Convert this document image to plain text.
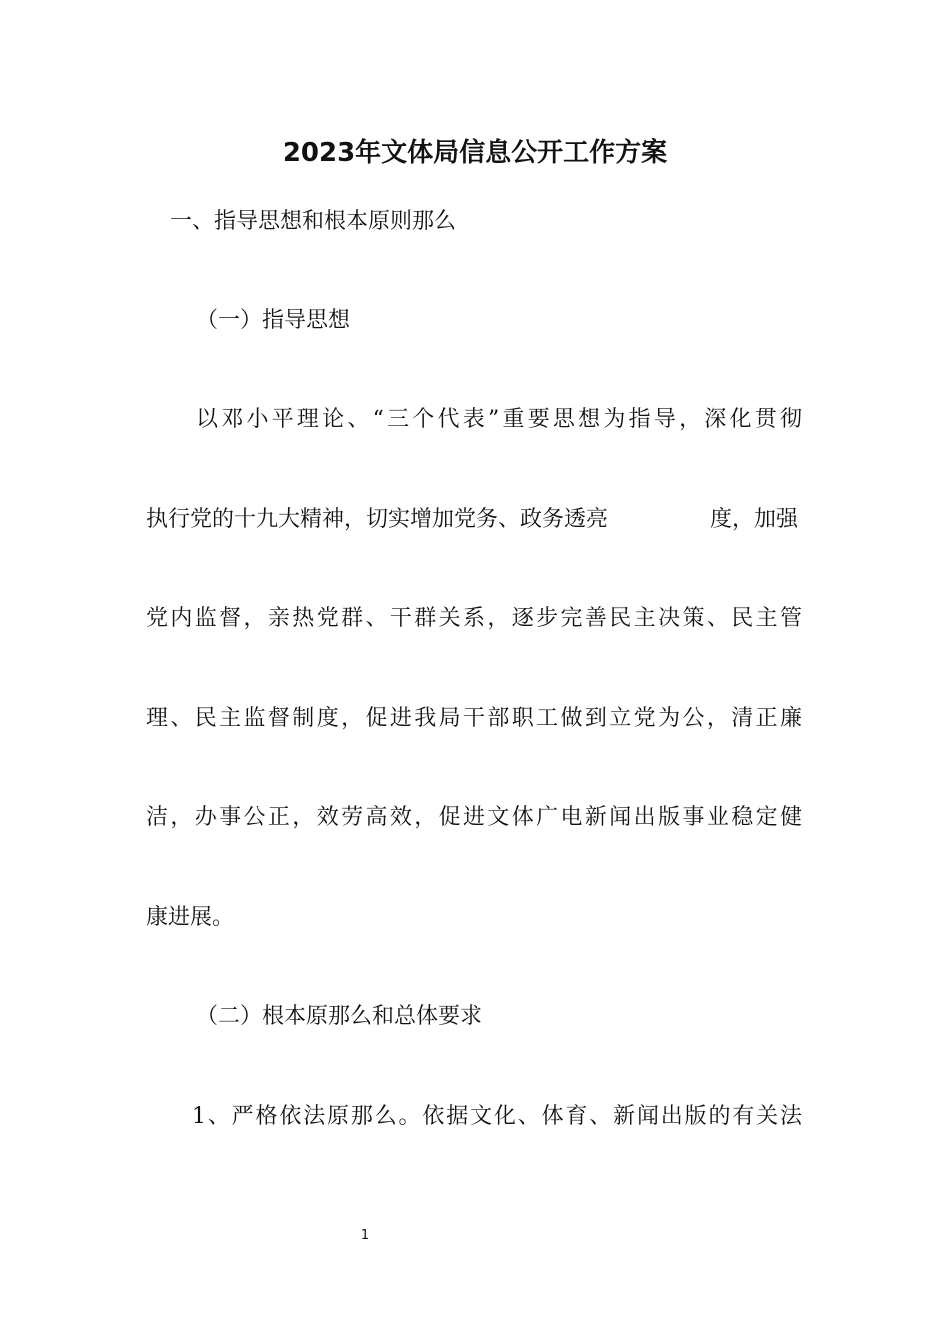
2023年文体局信息公开工作方案
一、指导思想和根本原则那么
（一）指导思想
以邓小平理论、“三个代表”重要思想为指导，深化贯彻
执行党的十九大精神，切实增加党务、政务透亮	度，加强
党内监督，亲热党群、干群关系，逐步完善民主决策、民主管
理、民主监督制度，促进我局干部职工做到立党为公，清正廉
洁，办事公正，效劳高效，促进文体广电新闻出版事业稳定健
康进展。
（二）根本原那么和总体要求
1、严格依法原那么。依据文化、体育、新闻出版的有关法
1
